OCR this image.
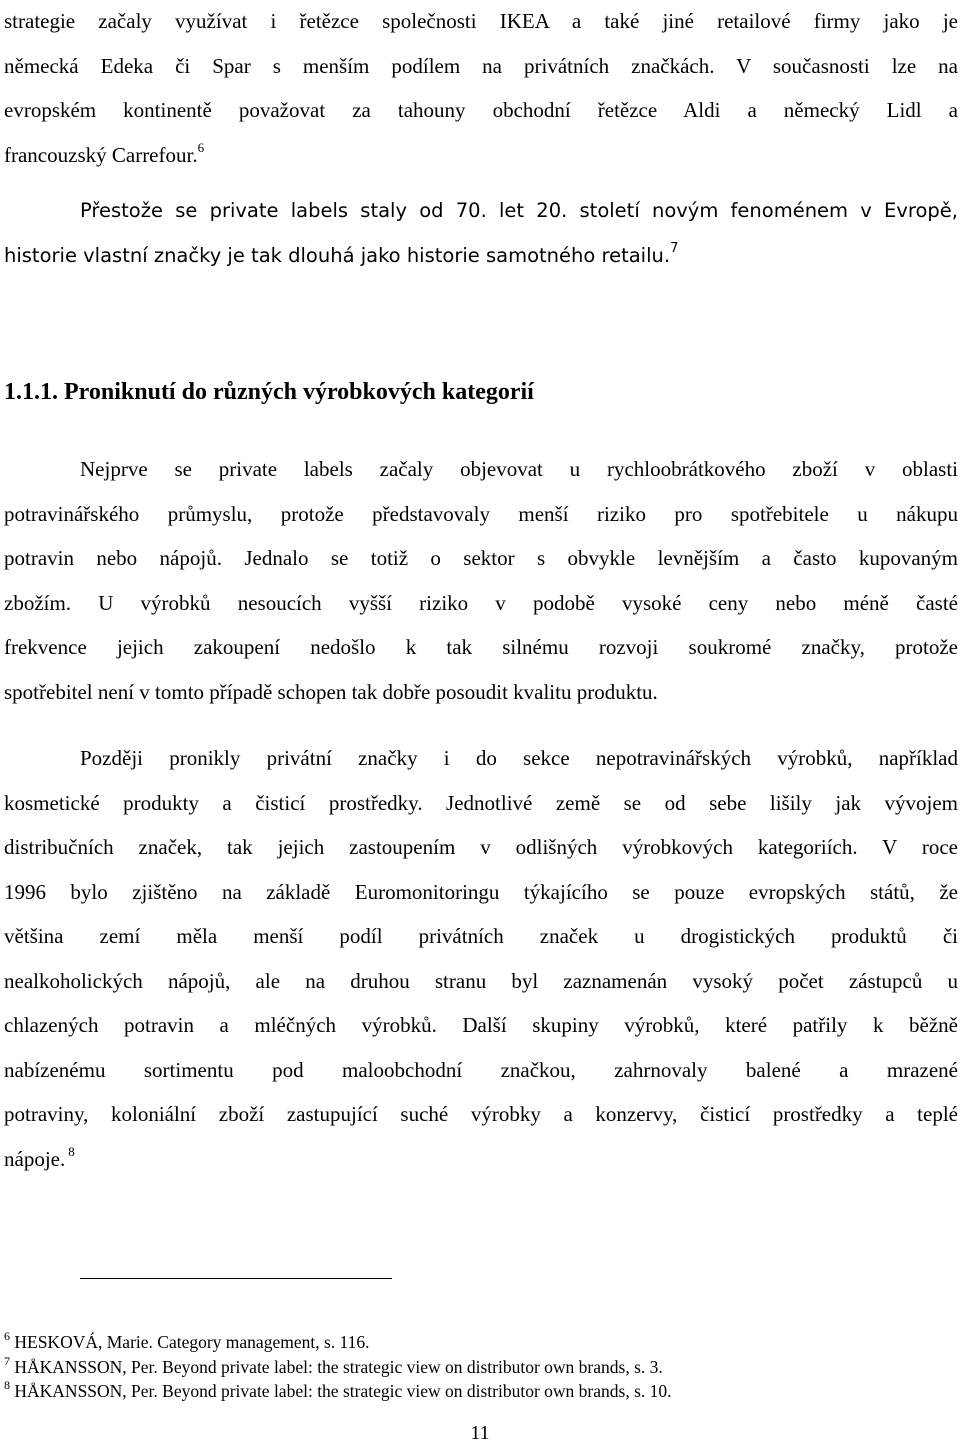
strategie začaly využívat i řetězce společnosti IKEA a také jiné retailové firmy jako je
německá Edeka či Spar s menším podílem na privátních značkách. V současnosti lze na
evropském kontinentě považovat za tahouny obchodní řetězce Aldi a německý Lidl a
francouzský Carrefour.$^6$

Přestože se private labels staly od 70. let 20. století novým fenoménem v Evropě,
historie vlastní značky je tak dlouhá jako historie samotného retailu.$^7$

1.1.1. Proniknutí do různých výrobkových kategorií

Nejprve se private labels začaly objevovat u rychloobrátkového zboží v oblasti
potravinářského průmyslu, protože představovaly menší riziko pro spotřebitele u nákupu
potravin nebo nápojů. Jednalo se totiž o sektor s obvykle levnějším a často kupovaným
zbožím. U výrobků nesoucích vyšší riziko v podobě vysoké ceny nebo méně časté
frekvence jejich zakoupení nedošlo k tak silnému rozvoji soukromé značky, protože
spotřebitel není v tomto případě schopen tak dobře posoudit kvalitu produktu.

Později pronikly privátní značky i do sekce nepotravinářských výrobků, například
kosmetické produkty a čisticí prostředky. Jednotlivé země se od sebe lišily jak vývojem
distribučních značek, tak jejich zastoupením v odlišných výrobkových kategoriích. V roce
1996 bylo zjištěno na základě Euromonitoringu týkajícího se pouze evropských států, že
většina zemí měla menší podíl privátních značek u drogistických produktů či
nealkoholických nápojů, ale na druhou stranu byl zaznamenán vysoký počet zástupců u
chlazených potravin a mléčných výrobků. Další skupiny výrobků, které patřily k běžně
nabízenému sortimentu pod maloobchodní značkou, zahrnovaly balené a mrazené
potraviny, koloniální zboží zastupující suché výrobky a konzervy, čisticí prostředky a teplé
nápoje. $^8$

$^6$ HESKOVÁ, Marie. Category management, s. 116.
$^7$ HÅKANSSON, Per. Beyond private label: the strategic view on distributor own brands, s. 3.
$^8$ HÅKANSSON, Per. Beyond private label: the strategic view on distributor own brands, s. 10.
11
